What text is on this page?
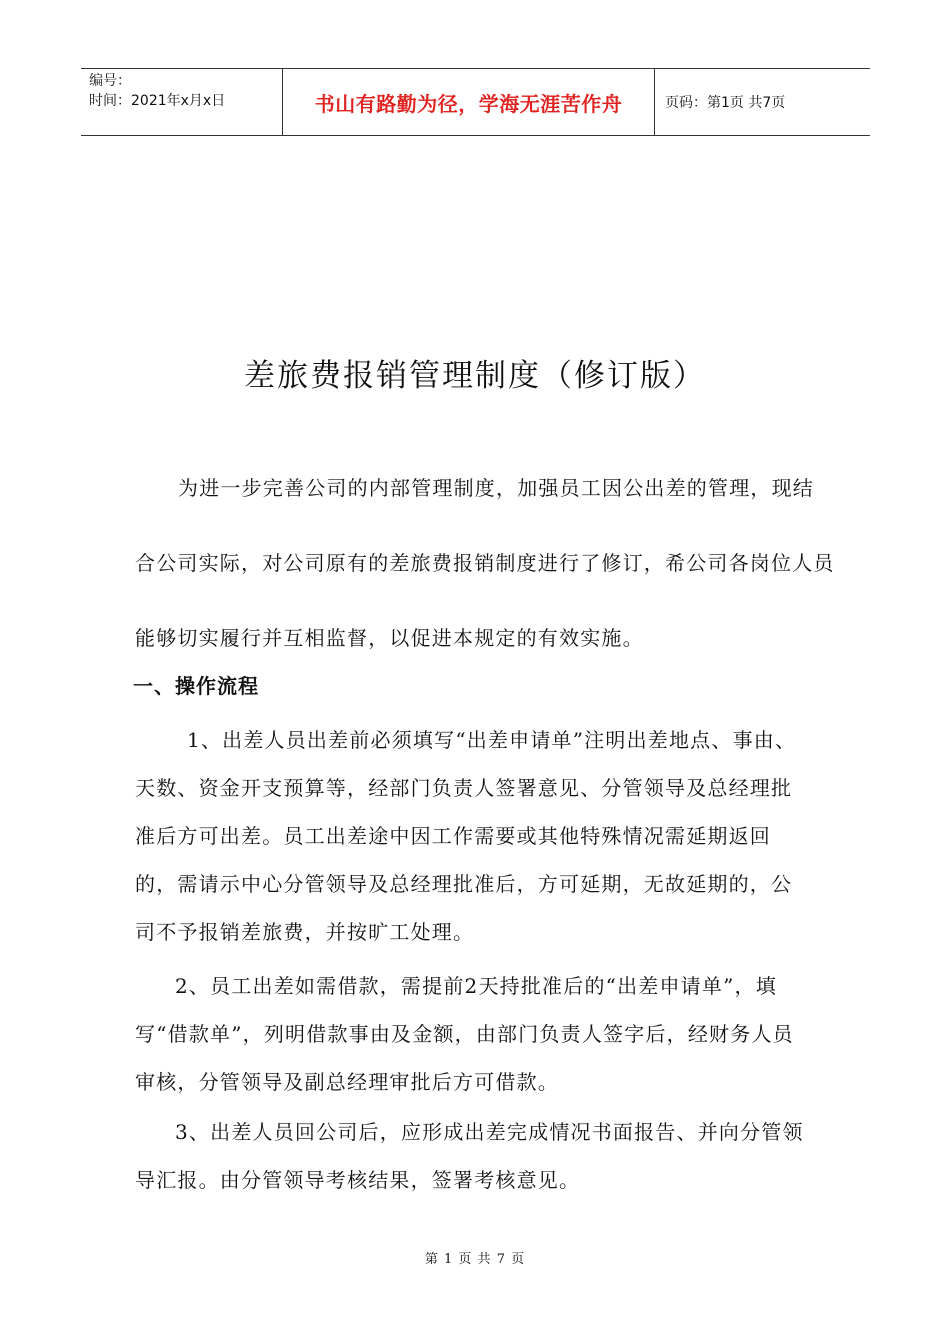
编号：
时间：2021年x月x日	书山有路勤为径，学海无涯苦作舟	页码：第1页 共7页
差旅费报销管理制度（修订版）

为进一步完善公司的内部管理制度，加强员工因公出差的管理，现结合公司实际，对公司原有的差旅费报销制度进行了修订，希公司各岗位人员能够切实履行并互相监督，以促进本规定的有效实施。

一、操作流程

1、出差人员出差前必须填写“出差申请单”注明出差地点、事由、天数、资金开支预算等，经部门负责人签署意见、分管领导及总经理批准后方可出差。员工出差途中因工作需要或其他特殊情况需延期返回的，需请示中心分管领导及总经理批准后，方可延期，无故延期的，公司不予报销差旅费，并按旷工处理。

2、员工出差如需借款，需提前2天持批准后的“出差申请单”，填写“借款单”，列明借款事由及金额，由部门负责人签字后，经财务人员审核，分管领导及副总经理审批后方可借款。

3、出差人员回公司后，应形成出差完成情况书面报告、并向分管领导汇报。由分管领导考核结果，签署考核意见。

第 1 页 共 7 页
